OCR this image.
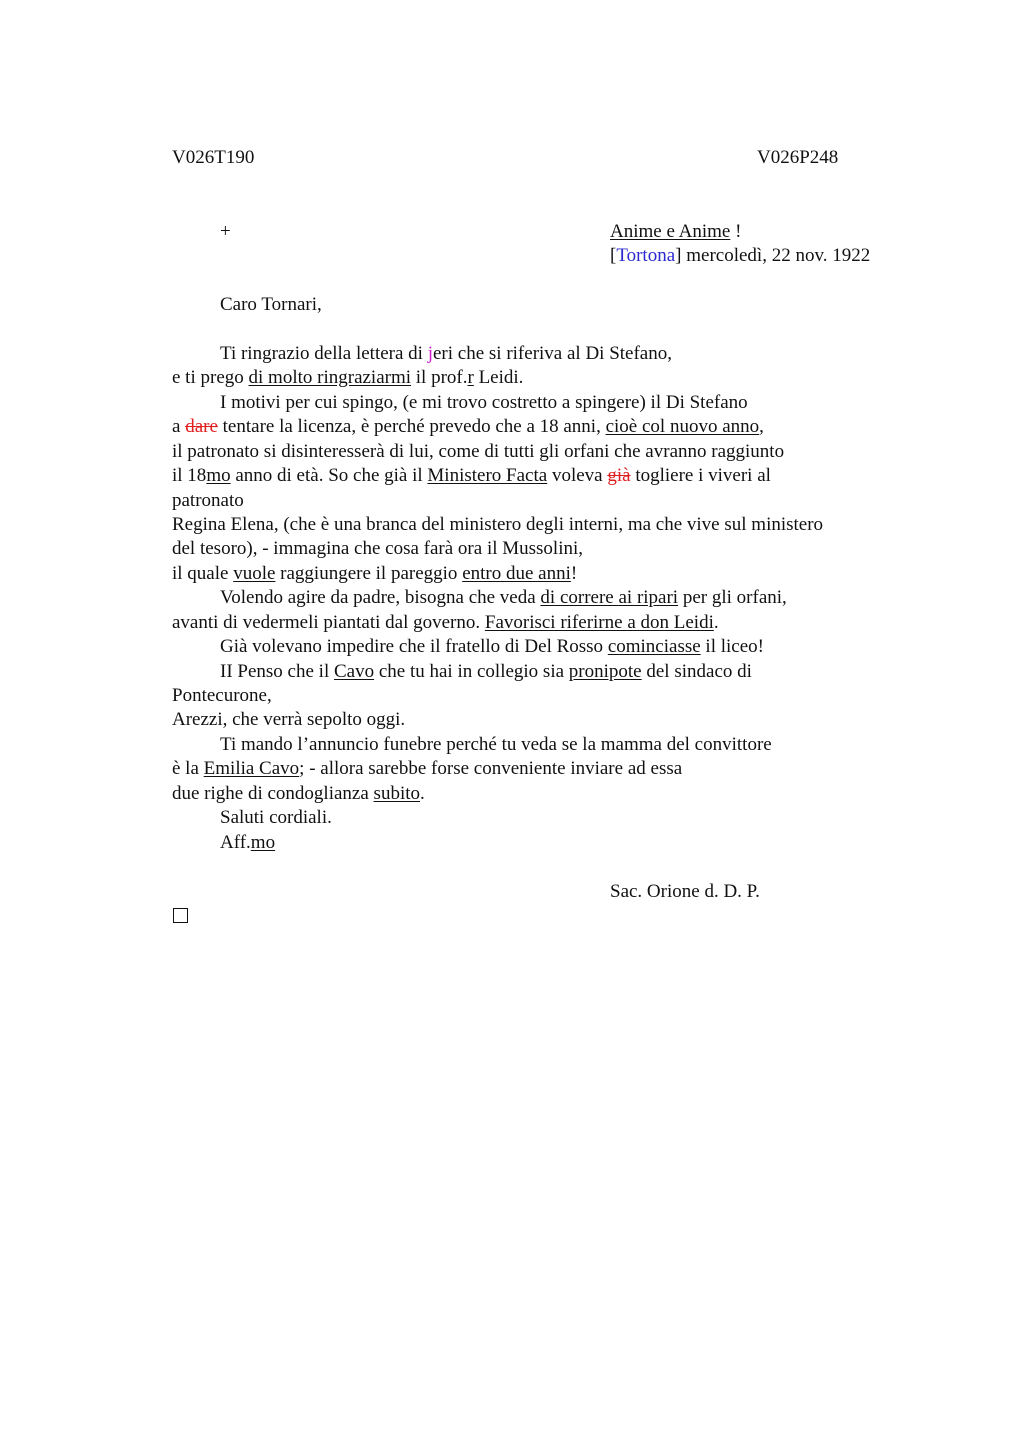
V026T190	V026P248
+	Anime e Anime !
[Tortona] mercoledì, 22 nov. 1922
Caro Tornari,
Ti ringrazio della lettera di jeri che si riferiva al Di Stefano,
e ti prego di molto ringraziarmi il prof.r Leidi.
I motivi per cui spingo, (e mi trovo costretto a spingere) il Di Stefano
a dare tentare la licenza, è perché prevedo che a 18 anni, cioè col nuovo anno,
il patronato si disinteresserà di lui, come di tutti gli orfani che avranno raggiunto
il 18mo anno di età. So che già il Ministero Facta voleva già togliere i viveri al
patronato
Regina Elena, (che è una branca del ministero degli interni, ma che vive sul ministero
del tesoro), - immagina che cosa farà ora il Mussolini,
il quale vuole raggiungere il pareggio entro due anni!
Volendo agire da padre, bisogna che veda di correre ai ripari per gli orfani,
avanti di vedermeli piantati dal governo. Favorisci riferirne a don Leidi.
Già volevano impedire che il fratello di Del Rosso cominciasse il liceo!
II Penso che il Cavo che tu hai in collegio sia pronipote del sindaco di
Pontecurone,
Arezzi, che verrà sepolto oggi.
Ti mando l’annuncio funebre perché tu veda se la mamma del convittore
è la Emilia Cavo; - allora sarebbe forse conveniente inviare ad essa
due righe di condoglianza subito.
Saluti cordiali.
Aff.mo
Sac. Orione d. D. P.
